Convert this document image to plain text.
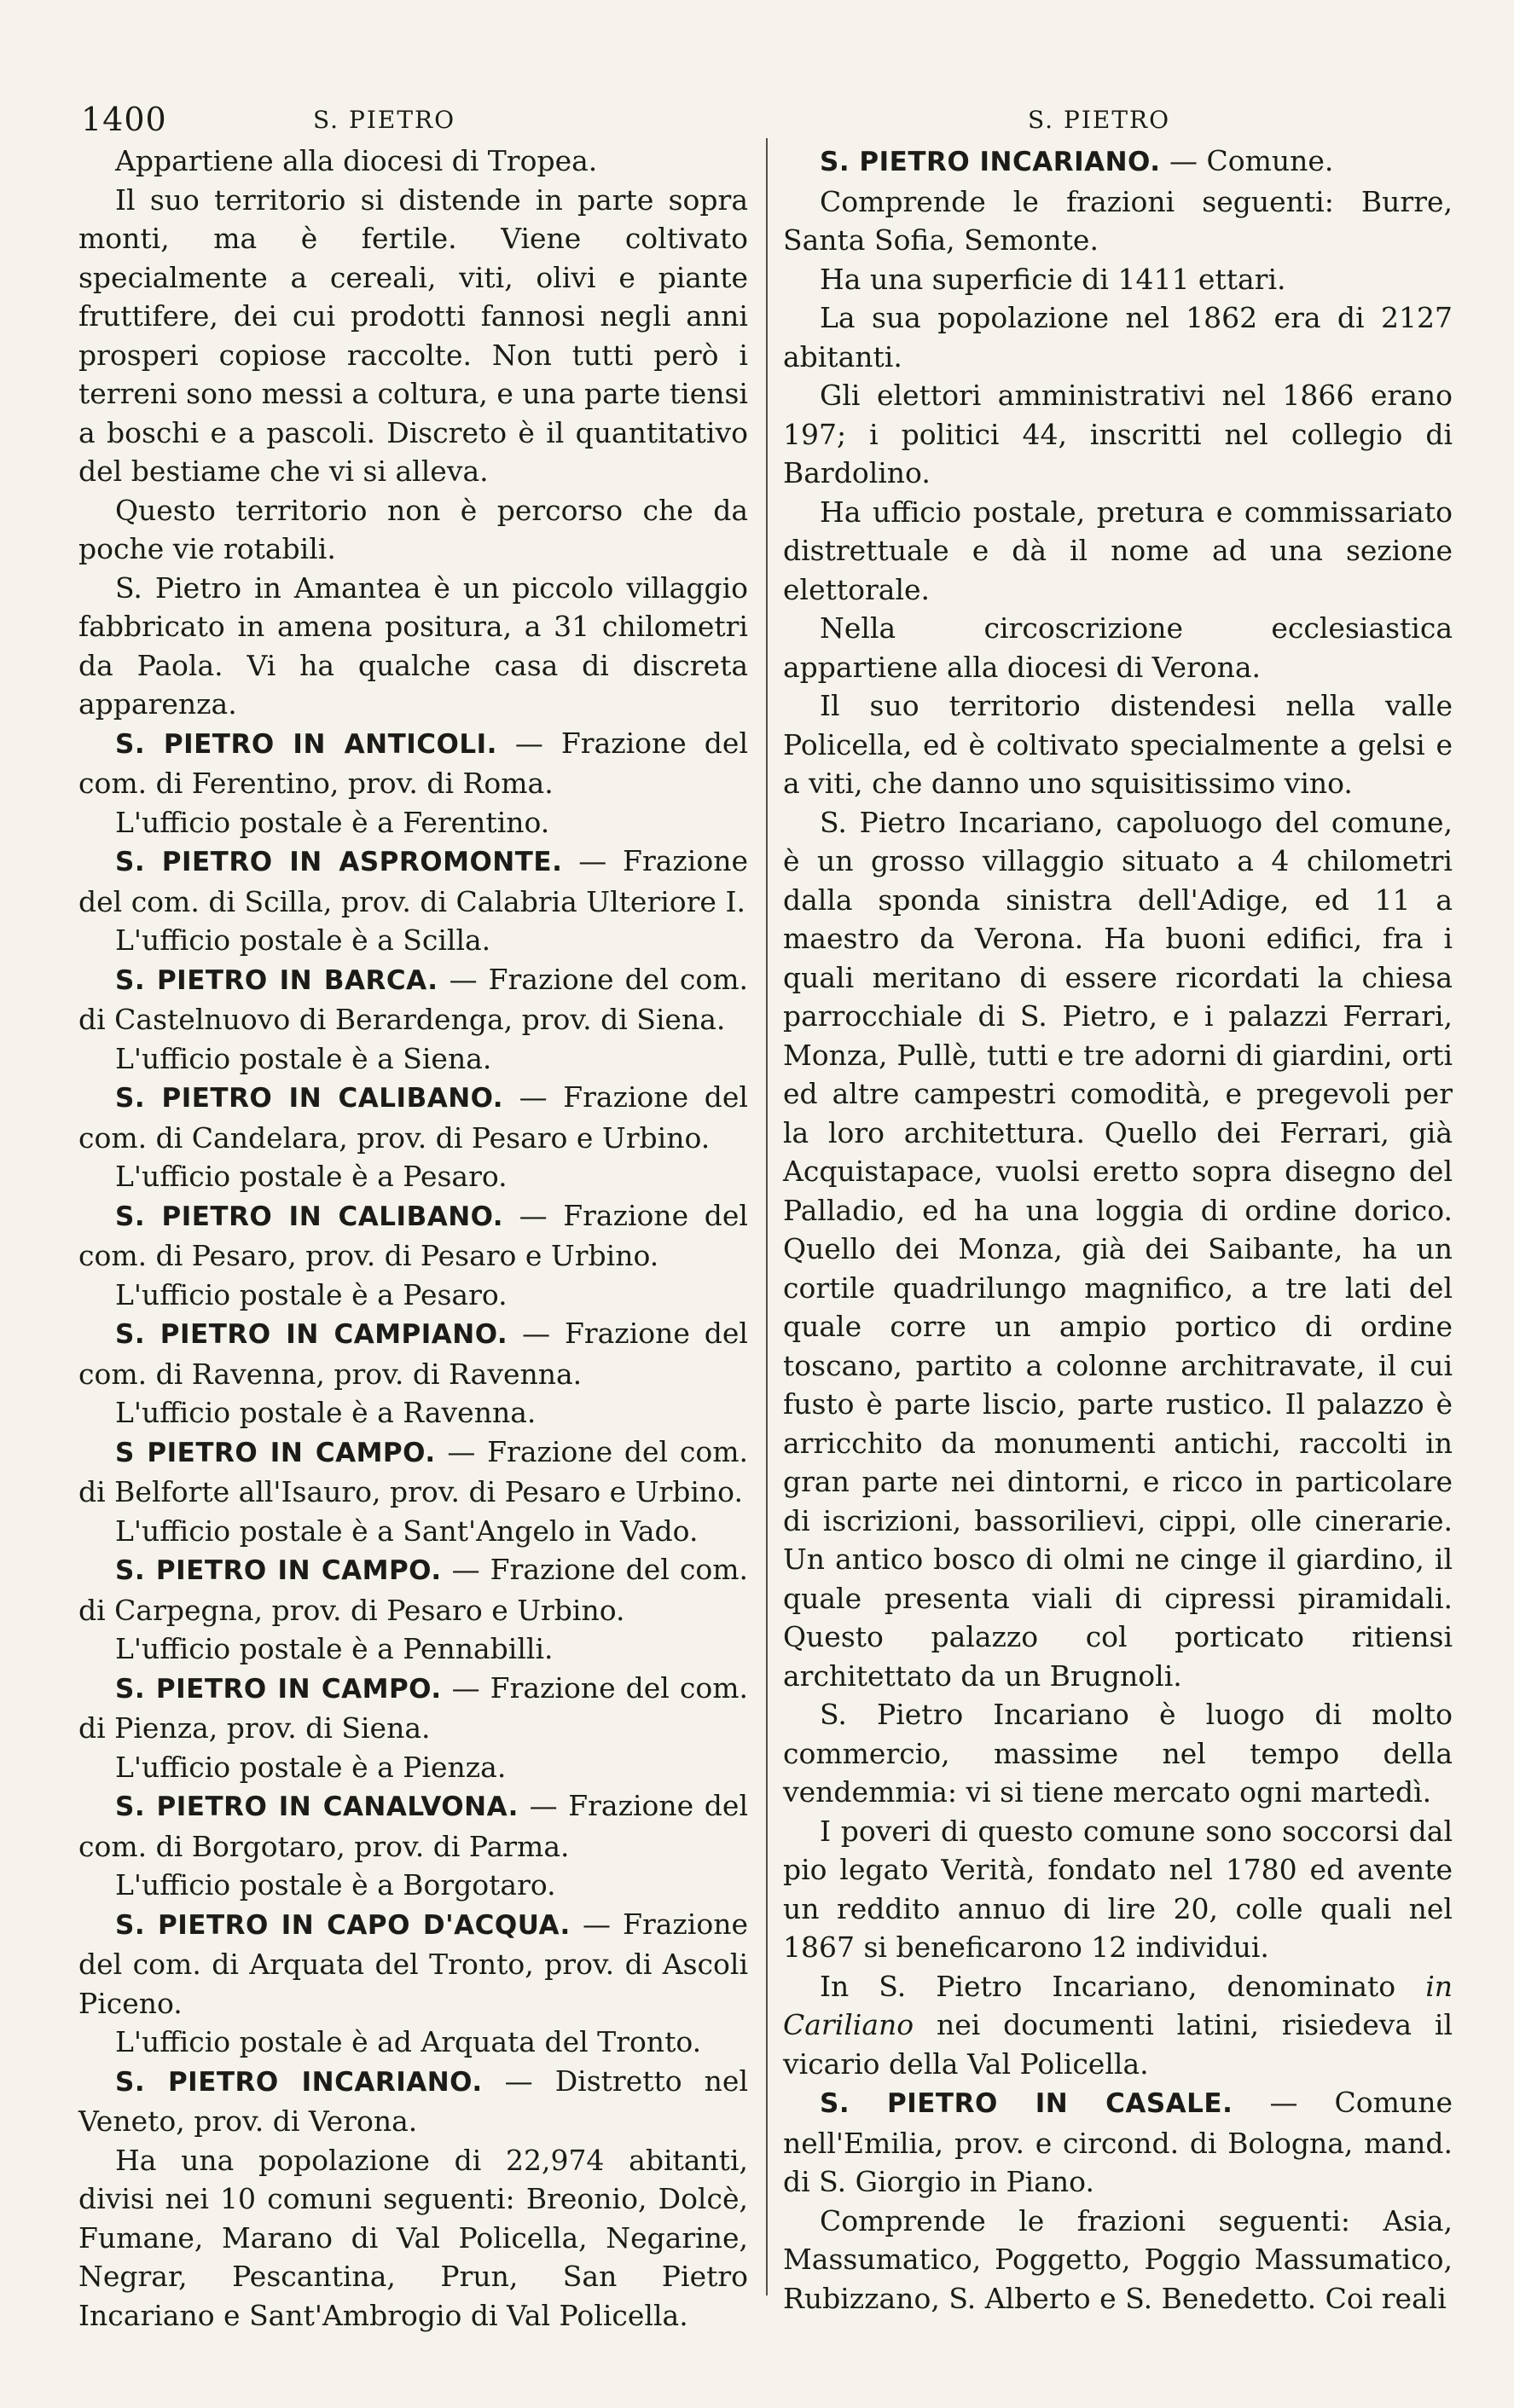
1400	S. PIETRO	S. PIETRO

Appartiene alla diocesi di Tropea.

Il suo territorio si distende in parte sopra monti, ma è fertile. Viene coltivato specialmente a cereali, viti, olivi e piante fruttifere, dei cui prodotti fannosi negli anni prosperi copiose raccolte. Non tutti però i terreni sono messi a coltura, e una parte tiensi a boschi e a pascoli. Discreto è il quantitativo del bestiame che vi si alleva.

Questo territorio non è percorso che da poche vie rotabili.

S. Pietro in Amantea è un piccolo villaggio fabbricato in amena positura, a 31 chilometri da Paola. Vi ha qualche casa di discreta apparenza.

S. PIETRO IN ANTICOLI. — Frazione del com. di Ferentino, prov. di Roma.

L'ufficio postale è a Ferentino.

S. PIETRO IN ASPROMONTE. — Frazione del com. di Scilla, prov. di Calabria Ulteriore I.

L'ufficio postale è a Scilla.

S. PIETRO IN BARCA. — Frazione del com. di Castelnuovo di Berardenga, prov. di Siena.

L'ufficio postale è a Siena.

S. PIETRO IN CALIBANO. — Frazione del com. di Candelara, prov. di Pesaro e Urbino.

L'ufficio postale è a Pesaro.

S. PIETRO IN CALIBANO. — Frazione del com. di Pesaro, prov. di Pesaro e Urbino.

L'ufficio postale è a Pesaro.

S. PIETRO IN CAMPIANO. — Frazione del com. di Ravenna, prov. di Ravenna.

L'ufficio postale è a Ravenna.

S PIETRO IN CAMPO. — Frazione del com. di Belforte all'Isauro, prov. di Pesaro e Urbino.

L'ufficio postale è a Sant'Angelo in Vado.

S. PIETRO IN CAMPO. — Frazione del com. di Carpegna, prov. di Pesaro e Urbino.

L'ufficio postale è a Pennabilli.

S. PIETRO IN CAMPO. — Frazione del com. di Pienza, prov. di Siena.

L'ufficio postale è a Pienza.

S. PIETRO IN CANALVONA. — Frazione del com. di Borgotaro, prov. di Parma.

L'ufficio postale è a Borgotaro.

S. PIETRO IN CAPO D'ACQUA. — Frazione del com. di Arquata del Tronto, prov. di Ascoli Piceno.

L'ufficio postale è ad Arquata del Tronto.

S. PIETRO INCARIANO. — Distretto nel Veneto, prov. di Verona.

Ha una popolazione di 22,974 abitanti, divisi nei 10 comuni seguenti: Breonio, Dolcè, Fumane, Marano di Val Policella, Negarine, Negrar, Pescantina, Prun, San Pietro Incariano e Sant'Ambrogio di Val Policella.

S. PIETRO INCARIANO. — Comune.

Comprende le frazioni seguenti: Burre, Santa Sofia, Semonte.

Ha una superficie di 1411 ettari.

La sua popolazione nel 1862 era di 2127 abitanti.

Gli elettori amministrativi nel 1866 erano 197; i politici 44, inscritti nel collegio di Bardolino.

Ha ufficio postale, pretura e commissariato distrettuale e dà il nome ad una sezione elettorale.

Nella circoscrizione ecclesiastica appartiene alla diocesi di Verona.

Il suo territorio distendesi nella valle Policella, ed è coltivato specialmente a gelsi e a viti, che danno uno squisitissimo vino.

S. Pietro Incariano, capoluogo del comune, è un grosso villaggio situato a 4 chilometri dalla sponda sinistra dell'Adige, ed 11 a maestro da Verona. Ha buoni edifici, fra i quali meritano di essere ricordati la chiesa parrocchiale di S. Pietro, e i palazzi Ferrari, Monza, Pullè, tutti e tre adorni di giardini, orti ed altre campestri comodità, e pregevoli per la loro architettura. Quello dei Ferrari, già Acquistapace, vuolsi eretto sopra disegno del Palladio, ed ha una loggia di ordine dorico. Quello dei Monza, già dei Saibante, ha un cortile quadrilungo magnifico, a tre lati del quale corre un ampio portico di ordine toscano, partito a colonne architravate, il cui fusto è parte liscio, parte rustico. Il palazzo è arricchito da monumenti antichi, raccolti in gran parte nei dintorni, e ricco in particolare di iscrizioni, bassorilievi, cippi, olle cinerarie. Un antico bosco di olmi ne cinge il giardino, il quale presenta viali di cipressi piramidali. Questo palazzo col porticato ritiensi architettato da un Brugnoli.

S. Pietro Incariano è luogo di molto commercio, massime nel tempo della vendemmia: vi si tiene mercato ogni martedì.

I poveri di questo comune sono soccorsi dal pio legato Verità, fondato nel 1780 ed avente un reddito annuo di lire 20, colle quali nel 1867 si beneficarono 12 individui.

In S. Pietro Incariano, denominato in Cariliano nei documenti latini, risiedeva il vicario della Val Policella.

S. PIETRO IN CASALE. — Comune nell'Emilia, prov. e circond. di Bologna, mand. di S. Giorgio in Piano.

Comprende le frazioni seguenti: Asia, Massumatico, Poggetto, Poggio Massumatico, Rubizzano, S. Alberto e S. Benedetto. Coi reali
